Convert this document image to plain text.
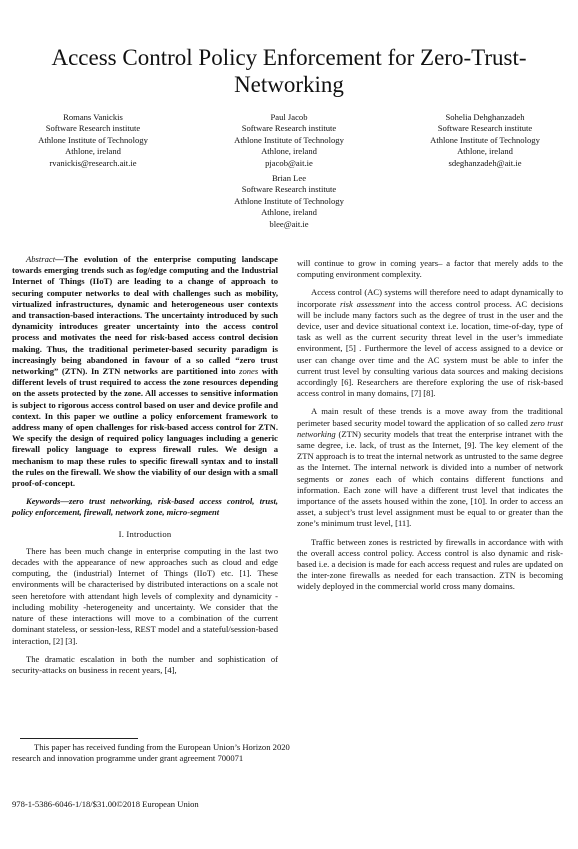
Access Control Policy Enforcement for Zero-Trust-
Networking
Romans Vanickis
Software Research institute
Athlone Institute of Technology
Athlone, ireland
rvanickis@research.ait.ie
Paul Jacob
Software Research institute
Athlone Institute of Technology
Athlone, ireland
pjacob@ait.ie
Sohelia Dehghanzadeh
Software Research institute
Athlone Institute of Technology
Athlone, ireland
sdeghanzadeh@ait.ie
Brian Lee
Software Research institute
Athlone Institute of Technology
Athlone, ireland
blee@ait.ie

Abstract—The evolution of the enterprise computing landscape towards emerging trends such as fog/edge computing and the Industrial Internet of Things (IIoT) are leading to a change of approach to securing computer networks to deal with challenges such as mobility, virtualized infrastructures, dynamic and heterogeneous user contexts and transaction-based interactions. The uncertainty introduced by such dynamicity introduces greater uncertainty into the access control process and motivates the need for risk-based access control decision making. Thus, the traditional perimeter-based security paradigm is increasingly being abandoned in favour of a so called “zero trust networking” (ZTN). In ZTN networks are partitioned into zones with different levels of trust required to access the zone resources depending on the assets protected by the zone. All accesses to sensitive information is subject to rigorous access control based on user and device profile and context. In this paper we outline a policy enforcement framework to address many of open challenges for risk-based access control for ZTN. We specify the design of required policy languages including a generic firewall policy language to express firewall rules. We design a mechanism to map these rules to specific firewall syntax and to install the rules on the firewall. We show the viability of our design with a small proof-of-concept.

Keywords—zero trust networking, risk-based access control, trust, policy enforcement, firewall, network zone, micro-segment

I. Introduction

There has been much change in enterprise computing in the last two decades with the appearance of new approaches such as cloud and edge computing, the (industrial) Internet of Things (IIoT) etc. [1]. These environments will be characterised by distributed interactions on a scale not seen heretofore with attendant high levels of complexity and dynamicity - including mobility -heterogeneity and uncertainty. We consider that the nature of these interactions will move to a combination of the current dominant stateless, or session-less, REST model and a stateful/session-based interaction, [2] [3].

The dramatic escalation in both the number and sophistication of security-attacks on business in recent years, [4],

will continue to grow in coming years– a factor that merely adds to the computing environment complexity.

Access control (AC) systems will therefore need to adapt dynamically to incorporate risk assessment into the access control process. AC decisions will be include many factors such as the degree of trust in the user and the device, user and device situational context i.e. location, time-of-day, type of task as well as the current security threat level in the user’s immediate environment, [5] . Furthermore the level of access assigned to a device or user can change over time and the AC system must be able to infer the current trust level by consulting various data sources and making decisions accordingly [6]. Researchers are therefore exploring the use of risk-based access control in many domains, [7] [8].

A main result of these trends is a move away from the traditional perimeter based security model toward the application of so called zero trust networking (ZTN) security models that treat the enterprise intranet with the same degree, i.e. lack, of trust as the Internet, [9]. The key element of the ZTN approach is to treat the internal network as untrusted to the same degree as the Internet. The internal network is divided into a number of network segments or zones each of which contains different functions and information. Each zone will have a different trust level that indicates the importance of the assets housed within the zone, [10]. In order to access an asset, a subject’s trust level assignment must be equal to or greater than the zone’s minimum trust level, [11].

Traffic between zones is restricted by firewalls in accordance with with the overall access control policy. Access control is also dynamic and risk-based i.e. a decision is made for each access request and rules are updated on the inter-zone firewalls as needed for each transaction. ZTN is becoming widely deployed in the commercial world cross many domains.

This paper has received funding from the European Union’s Horizon 2020 research and innovation programme under grant agreement 700071
978-1-5386-6046-1/18/$31.00©2018 European Union
